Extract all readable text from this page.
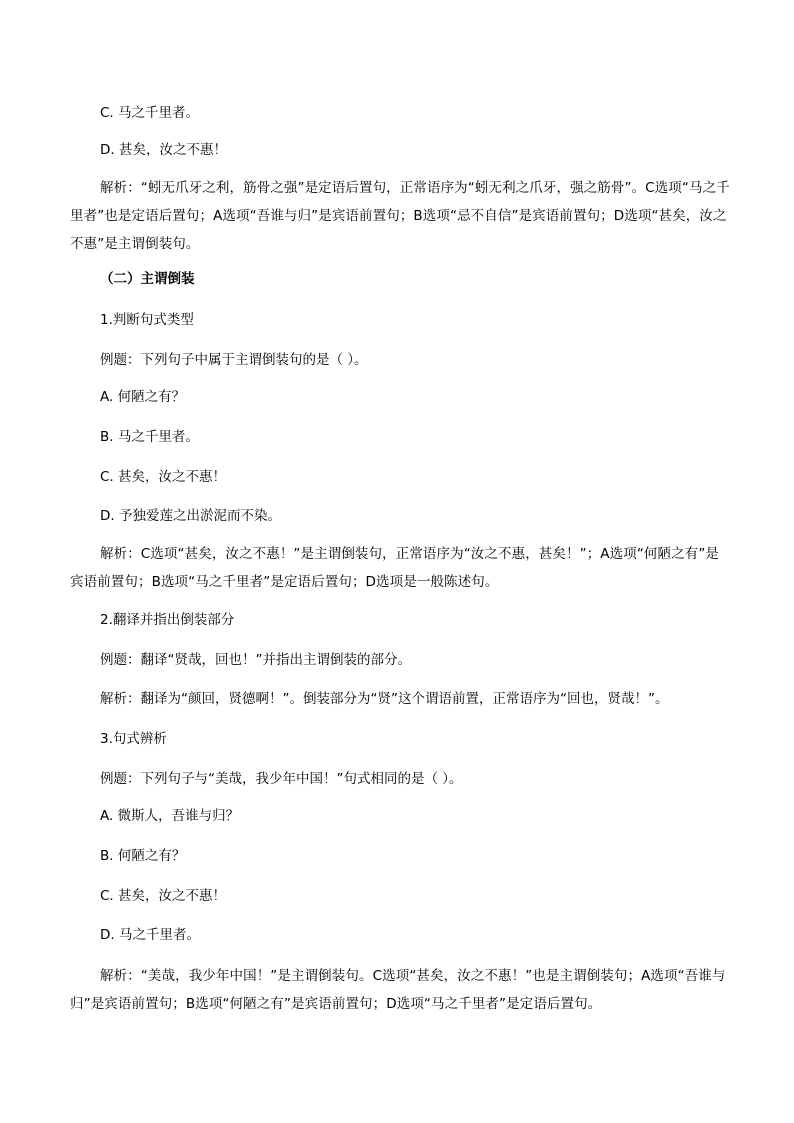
C. 马之千里者。
D. 甚矣，汝之不惠！
解析：“蚓无爪牙之利，筋骨之强”是定语后置句，正常语序为“蚓无利之爪牙，强之筋骨”。C选项“马之千里者”也是定语后置句；A选项“吾谁与归”是宾语前置句；B选项“忌不自信”是宾语前置句；D选项“甚矣，汝之不惠”是主谓倒装句。
（二）主谓倒装
1.判断句式类型
例题：下列句子中属于主谓倒装句的是（ ）。
A. 何陋之有？
B. 马之千里者。
C. 甚矣，汝之不惠！
D. 予独爱莲之出淤泥而不染。
解析：C选项“甚矣，汝之不惠！”是主谓倒装句，正常语序为“汝之不惠，甚矣！”；A选项“何陋之有”是宾语前置句；B选项“马之千里者”是定语后置句；D选项是一般陈述句。
2.翻译并指出倒装部分
例题：翻译“贤哉，回也！”并指出主谓倒装的部分。
解析：翻译为“颜回，贤德啊！”。倒装部分为“贤”这个谓语前置，正常语序为“回也，贤哉！”。
3.句式辨析
例题：下列句子与“美哉，我少年中国！”句式相同的是（ ）。
A. 微斯人，吾谁与归？
B. 何陋之有？
C. 甚矣，汝之不惠！
D. 马之千里者。
解析：“美哉，我少年中国！”是主谓倒装句。C选项“甚矣，汝之不惠！”也是主谓倒装句；A选项“吾谁与归”是宾语前置句；B选项“何陋之有”是宾语前置句；D选项“马之千里者”是定语后置句。
